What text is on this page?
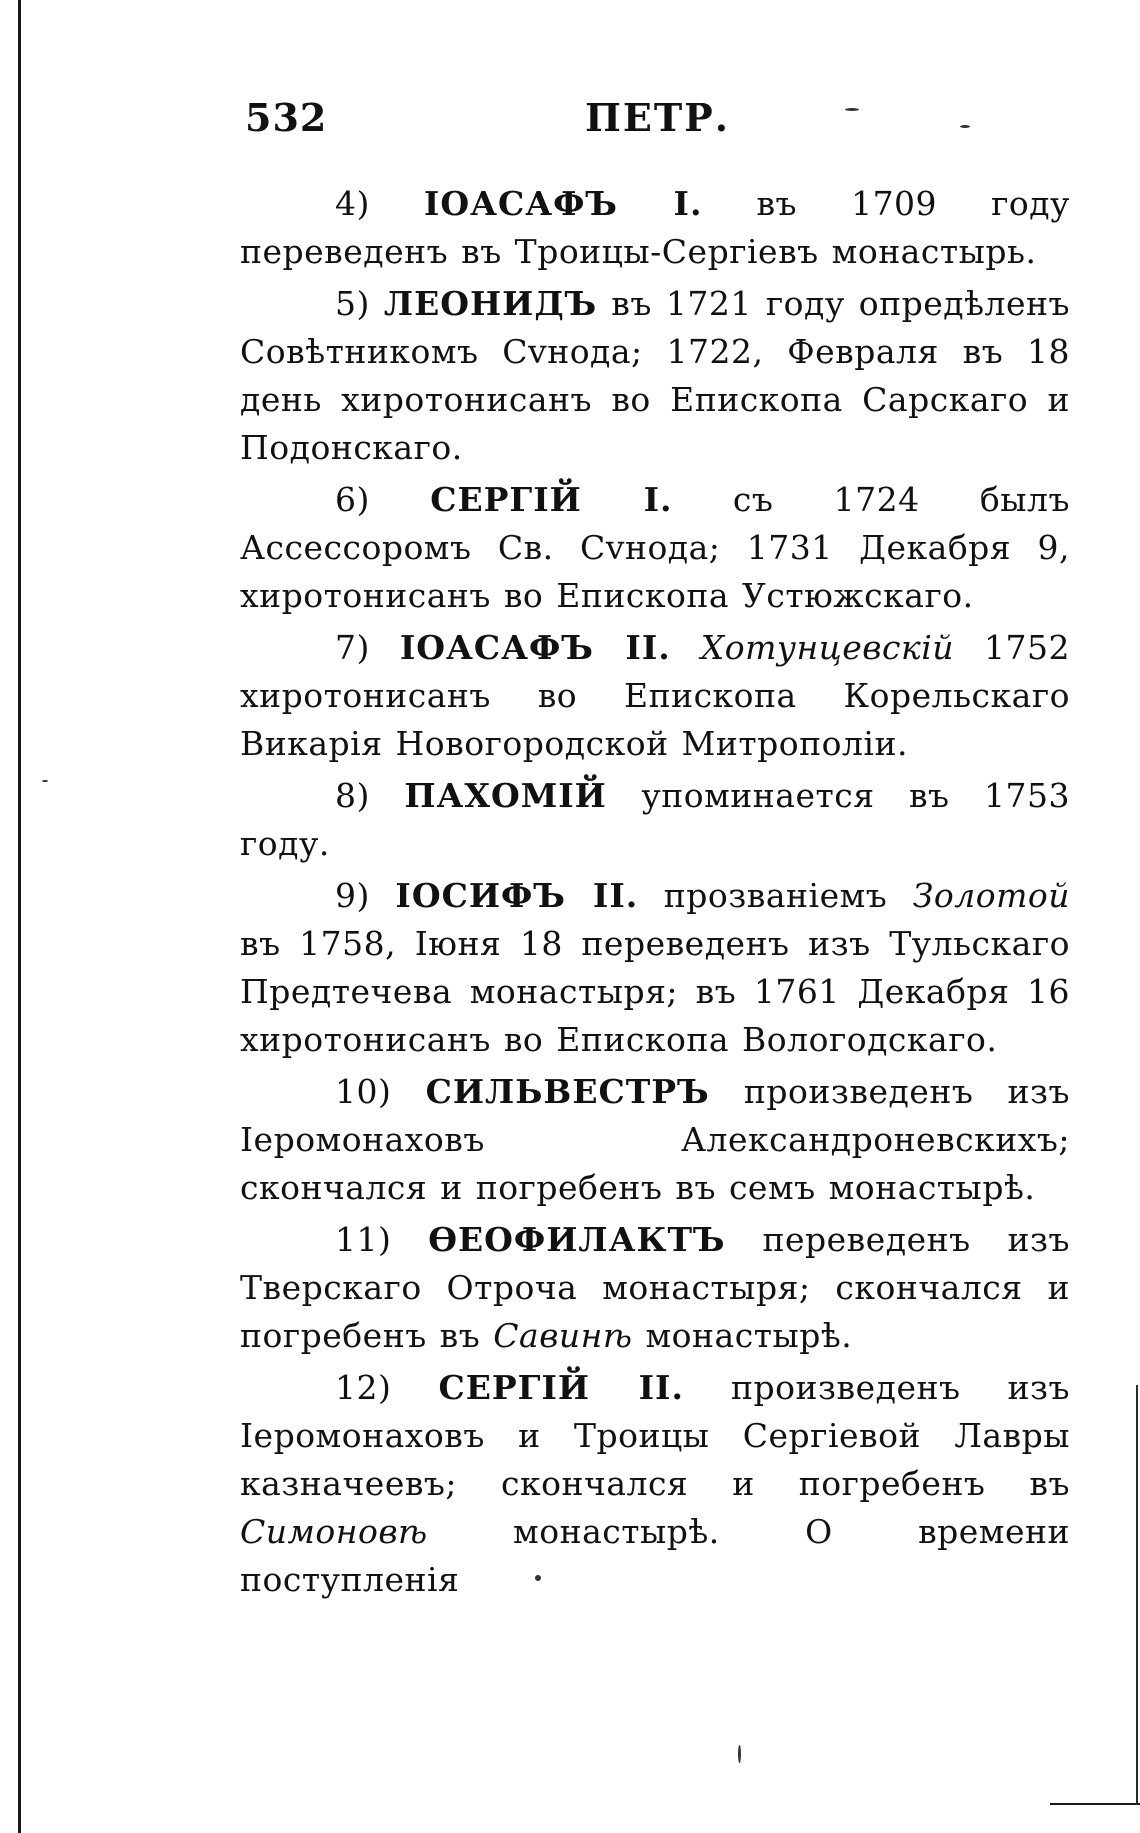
532	ПЕТР.

4) IOАСАФЪ I. въ 1709 году переведенъ въ Троицы-Сергiевъ монастырь.

5) ЛЕОНИДЪ въ 1721 году опредѣленъ Совѣтникомъ Сvнода; 1722, Февраля въ 18 день хиротонисанъ во Епископа Сарскаго и Подонскаго.

6) СЕРГIЙ I. съ 1724 былъ Ассессоромъ Св. Сvнода; 1731 Декабря 9, хиротонисанъ во Епископа Устюжскаго.

7) IОАСАФЪ II. Хотунцевскiй 1752 хиротонисанъ во Епископа Корельскаго Викарiя Новогородской Митрополiи.

8) ПАХОМIЙ упоминается въ 1753 году.

9) IОСИФЪ II. прозванiемъ Золотой въ 1758, Iюня 18 переведенъ изъ Тульскаго Предтечева монастыря; въ 1761 Декабря 16 хиротонисанъ во Епископа Вологодскаго.

10) СИЛЬВЕСТРЪ произведенъ изъ Iеромонаховъ Александроневскихъ; скончался и погребенъ въ семъ монастырѣ.

11) ѲЕОФИЛАКТЪ переведенъ изъ Тверскаго Отроча монастыря; скончался и погребенъ въ Савинѣ монастырѣ.

12) СЕРГIЙ II. произведенъ изъ Iеромонаховъ и Троицы Сергiевой Лавры казначеевъ; скончался и погребенъ въ Симоновѣ	монастырѣ. О времени поступленiя
